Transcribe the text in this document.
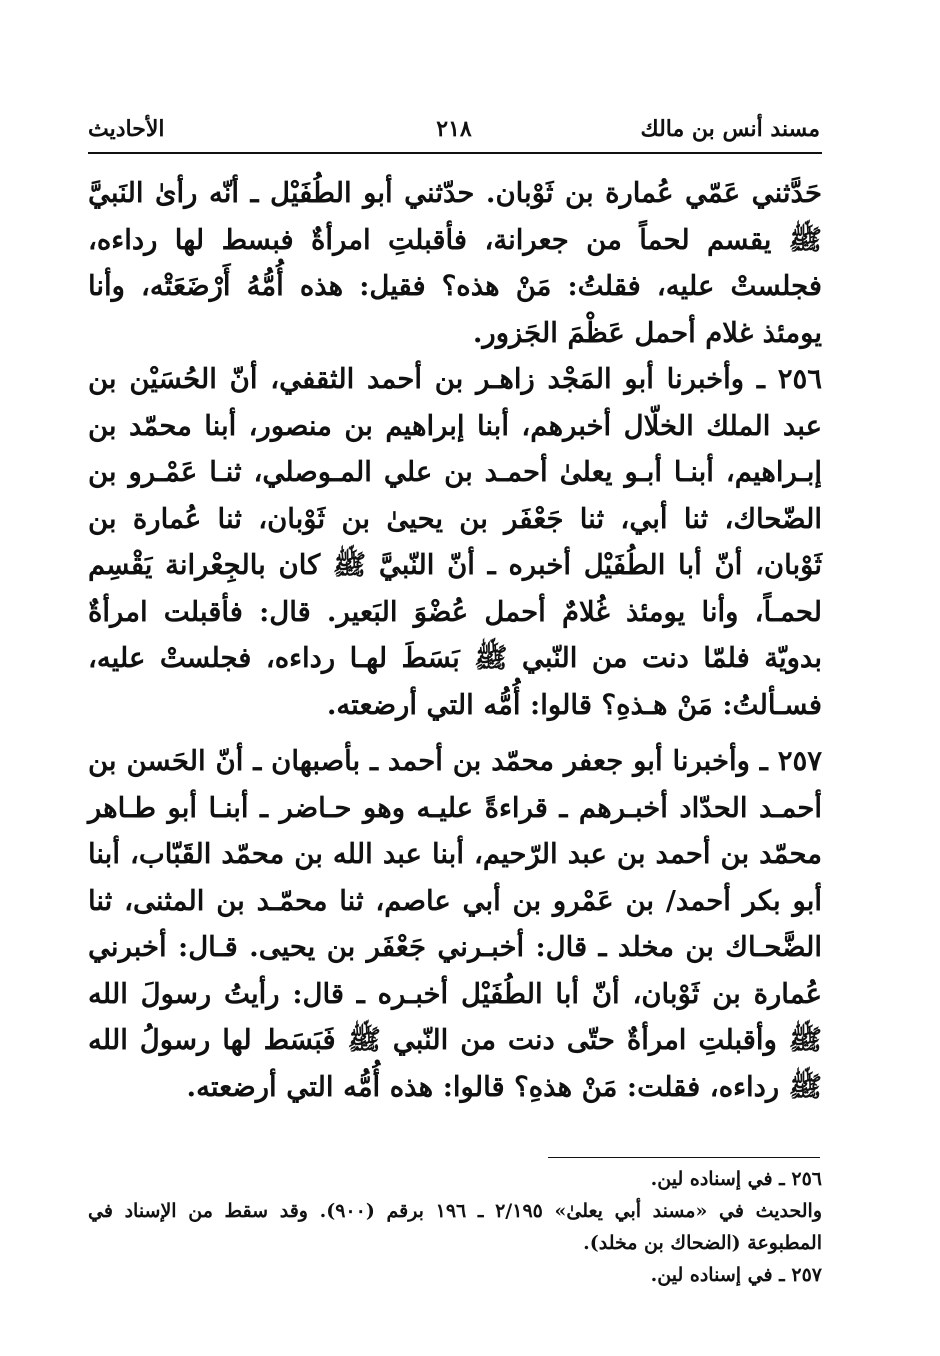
مسند أنس بن مالك
٢١٨
الأحاديث

حَدَّثني عَمّي عُمارة بن ثَوْبان. حدّثني أبو الطُفَيْل ـ أنّه رأىٰ النَبيَّ ﷺ يقسم لحماً من جعرانة، فأقبلتِ امرأةٌ فبسط لها رداءه، فجلستْ عليه، فقلتُ: مَنْ هذه؟ فقيل: هذه أُمُّهُ أَرْضَعَتْه، وأنا يومئذ غلام أحمل عَظْمَ الجَزور.

٢٥٦ ـ وأخبرنا أبو المَجْد زاهـر بن أحمد الثقفي، أنّ الحُسَيْن بن عبد الملك الخلّال أخبرهم، أبنا إبراهيم بن منصور، أبنا محمّد بن إبـراهيم، أبنـا أبـو يعلىٰ أحمـد بن علي المـوصلي، ثنـا عَمْـرو بن الضّحاك، ثنا أبي، ثنا جَعْفَر بن يحيىٰ بن ثَوْبان، ثنا عُمارة بن ثَوْبان، أنّ أبا الطُفَيْل أخبره ـ أنّ النّبيَّ ﷺ كان بالجِعْرانة يَقْسِم لحمـاً، وأنا يومئذ غُلامٌ أحمل عُضْوَ البَعير. قال: فأقبلت امرأةٌ بدويّة فلمّا دنت من النّبي ﷺ بَسَطَ لهـا رداءه، فجلستْ عليه، فسـألتُ: مَنْ هـذهِ؟ قالوا: أُمُّه التي أرضعته.

٢٥٧ ـ وأخبرنا أبو جعفر محمّد بن أحمد ـ بأصبهان ـ أنّ الحَسن بن أحمـد الحدّاد أخبـرهم ـ قراءةً عليـه وهو حـاضر ـ أبنـا أبو طـاهر محمّد بن أحمد بن عبد الرّحيم، أبنا عبد الله بن محمّد القَبّاب، أبنا أبو بكر أحمد/ بن عَمْرو بن أبي عاصم، ثنا محمّـد بن المثنى، ثنا الضَّحـاك بن مخلد ـ قال: أخبـرني جَعْفَر بن يحيى. قـال: أخبرني عُمارة بن ثَوْبان، أنّ أبا الطُفَيْل أخبـره ـ قال: رأيتُ رسولَ الله ﷺ وأقبلتِ امرأةٌ حتّى دنت من النّبي ﷺ فَبَسَط لها رسولُ الله ﷺ رداءه، فقلت: مَنْ هذهِ؟ قالوا: هذه أُمُّه التي أرضعته.

٢٥٦ ـ في إسناده لين.

والحديث في «مسند أبي يعلىٰ» ٢/١٩٥ ـ ١٩٦ برقم (٩٠٠). وقد سقط من الإسناد في المطبوعة (الضحاك بن مخلد).

٢٥٧ ـ في إسناده لين.
